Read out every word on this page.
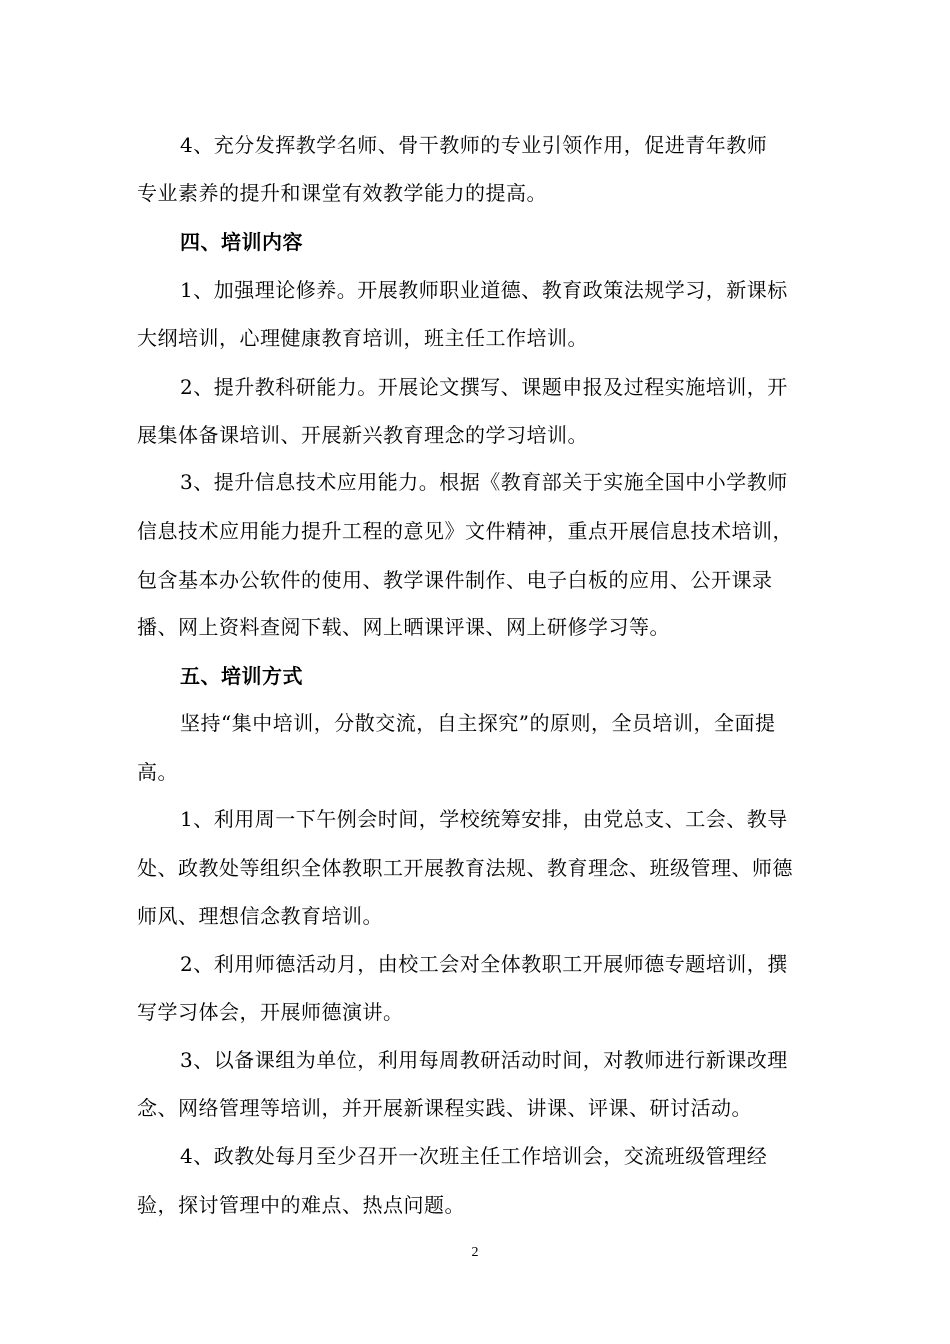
4、充分发挥教学名师、骨干教师的专业引领作用，促进青年教师
专业素养的提升和课堂有效教学能力的提高。
四、培训内容
1、加强理论修养。开展教师职业道德、教育政策法规学习，新课标
大纲培训，心理健康教育培训，班主任工作培训。
2、提升教科研能力。开展论文撰写、课题申报及过程实施培训，开
展集体备课培训、开展新兴教育理念的学习培训。
3、提升信息技术应用能力。根据《教育部关于实施全国中小学教师
信息技术应用能力提升工程的意见》文件精神，重点开展信息技术培训，
包含基本办公软件的使用、教学课件制作、电子白板的应用、公开课录
播、网上资料查阅下载、网上晒课评课、网上研修学习等。
五、培训方式
坚持“集中培训，分散交流，自主探究”的原则，全员培训，全面提
高。
1、利用周一下午例会时间，学校统筹安排，由党总支、工会、教导
处、政教处等组织全体教职工开展教育法规、教育理念、班级管理、师德
师风、理想信念教育培训。
2、利用师德活动月，由校工会对全体教职工开展师德专题培训，撰
写学习体会，开展师德演讲。
3、以备课组为单位，利用每周教研活动时间，对教师进行新课改理
念、网络管理等培训，并开展新课程实践、讲课、评课、研讨活动。
4、政教处每月至少召开一次班主任工作培训会，交流班级管理经
验，探讨管理中的难点、热点问题。
2
